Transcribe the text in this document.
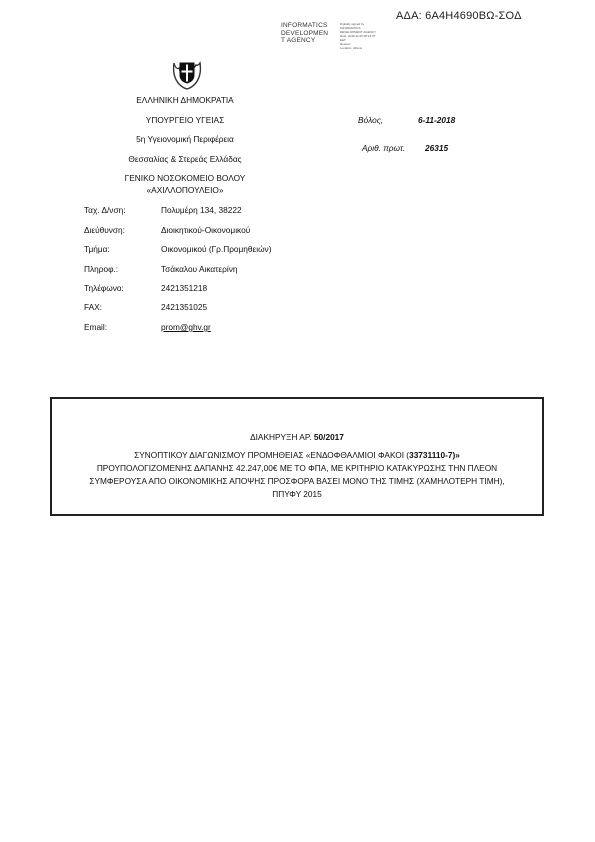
ΑΔΑ: 6Α4Η4690ΒΩ-ΣΟΔ
INFORMATICS
DEVELOPMEN
T AGENCY
Digitally signed by
INFORMATICS
DEVELOPMENT AGENCY
Date: 2018.11.06 08:13:37
EET
Reason:
Location: Athens
ΕΛΛΗΝΙΚΗ ΔΗΜΟΚΡΑΤΙΑ
ΥΠΟΥΡΓΕΙΟ ΥΓΕΙΑΣ
5η Υγειονομική Περιφέρεια
Θεσσαλίας & Στερεάς Ελλάδας
ΓΕΝΙΚΟ ΝΟΣΟΚΟΜΕΙΟ ΒΟΛΟΥ
«ΑΧΙΛΛΟΠΟΥΛΕΙΟ»
Βόλος,	6-11-2018
Αριθ. πρωτ. 26315
Ταχ. Δ/νση:	Πολυμέρη 134, 38222
Διεύθυνση:	Διοικητικού-Οικονομικού
Τμήμα:	Οικονομικού (Γρ.Προμηθειών)
Πληροφ.:	Τσάκαλου Αικατερίνη
Τηλέφωνο:	2421351218
FAX:	2421351025
Email:	prom@ghv.gr
ΔΙΑΚΗΡΥΞΗ ΑΡ. 50/2017
ΣΥΝΟΠΤΙΚΟΥ ΔΙΑΓΩΝΙΣΜΟΥ ΠΡΟΜΗΘΕΙΑΣ «ΕΝΔΟΦΘΑΛΜΙΟΙ ΦΑΚΟΙ (33731110-7)»
ΠΡΟΥΠΟΛΟΓΙΖΟΜΕΝΗΣ ΔΑΠΑΝΗΣ 42.247,00€ ΜΕ ΤΟ ΦΠΑ, ΜΕ ΚΡΙΤΗΡΙΟ ΚΑΤΑΚΥΡΩΣΗΣ ΤΗΝ ΠΛΕΟΝ
ΣΥΜΦΕΡΟΥΣΑ ΑΠΟ ΟΙΚΟΝΟΜΙΚΗΣ ΑΠΟΨΗΣ ΠΡΟΣΦΟΡΑ ΒΑΣΕΙ ΜΟΝΟ ΤΗΣ ΤΙΜΗΣ (ΧΑΜΗΛΟΤΕΡΗ ΤΙΜΗ),
ΠΠΥΦΥ 2015
